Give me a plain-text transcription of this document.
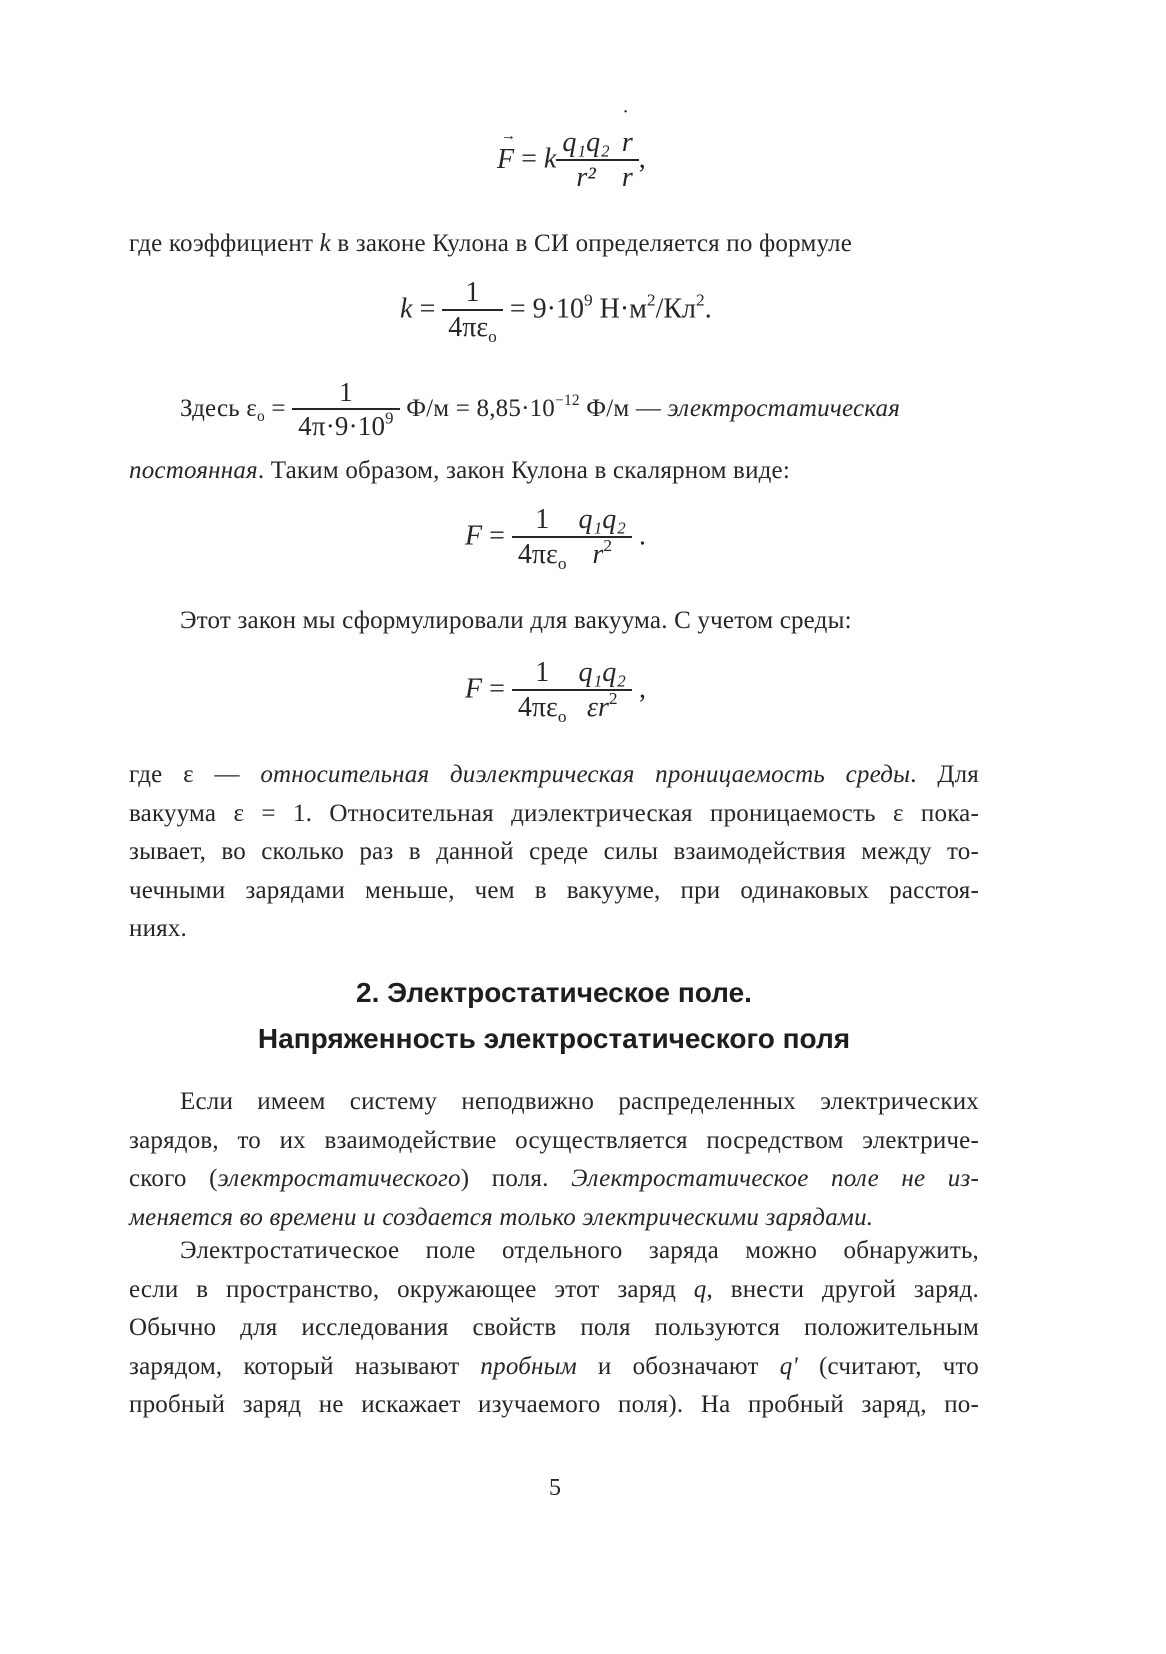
→ F = k $\frac{\text{q₁q₂}}{\text{r²}}$
˙ $\frac{r}{r}$ ,
где коэффициент k в законе Кулона в СИ определяется по формуле
$k = \frac{1}{4\pi\varepsilon_o} = 9\cdot 10^9$ $Н\cdot м^2/Кл^2$.
Здесь $\varepsilon_o = \frac{1}{4\pi\cdot 9\cdot 10^9} Ф/м = 8,85\cdot 10^{-12}$ Ф/м — электростатическая
постоянная. Таким образом, закон Кулона в скалярном виде:
$F = \frac{1}{4\pi\varepsilon_o} \frac{\text{q₁q₂}}{r^2}$ .
Этот закон мы сформулировали для вакуума. С учетом среды:
$F = \frac{1}{4\pi\varepsilon_o} \frac{\text{q₁q₂}}{\varepsilon r^2}$ ,
где ε — относительная диэлектрическая проницаемость среды. Для
вакуума ε = 1. Относительная диэлектрическая проницаемость ε пока-
зывает, во сколько раз в данной среде силы взаимодействия между то-
чечными зарядами меньше, чем в вакууме, при одинаковых расстоя-
ниях.
2. Электростатическое поле.
Напряженность электростатического поля
Если имеем систему неподвижно распределенных электрических
зарядов, то их взаимодействие осуществляется посредством электриче-
ского (электростатического) поля. Электростатическое поле не из-
меняется во времени и создается только электрическими зарядами.
Электростатическое поле отдельного заряда можно обнаружить,
если в пространство, окружающее этот заряд q, внести другой заряд.
Обычно для исследования свойств поля пользуются положительным
зарядом, который называют пробным и обозначают q' (считают, что
пробный заряд не искажает изучаемого поля). На пробный заряд, по-
5
